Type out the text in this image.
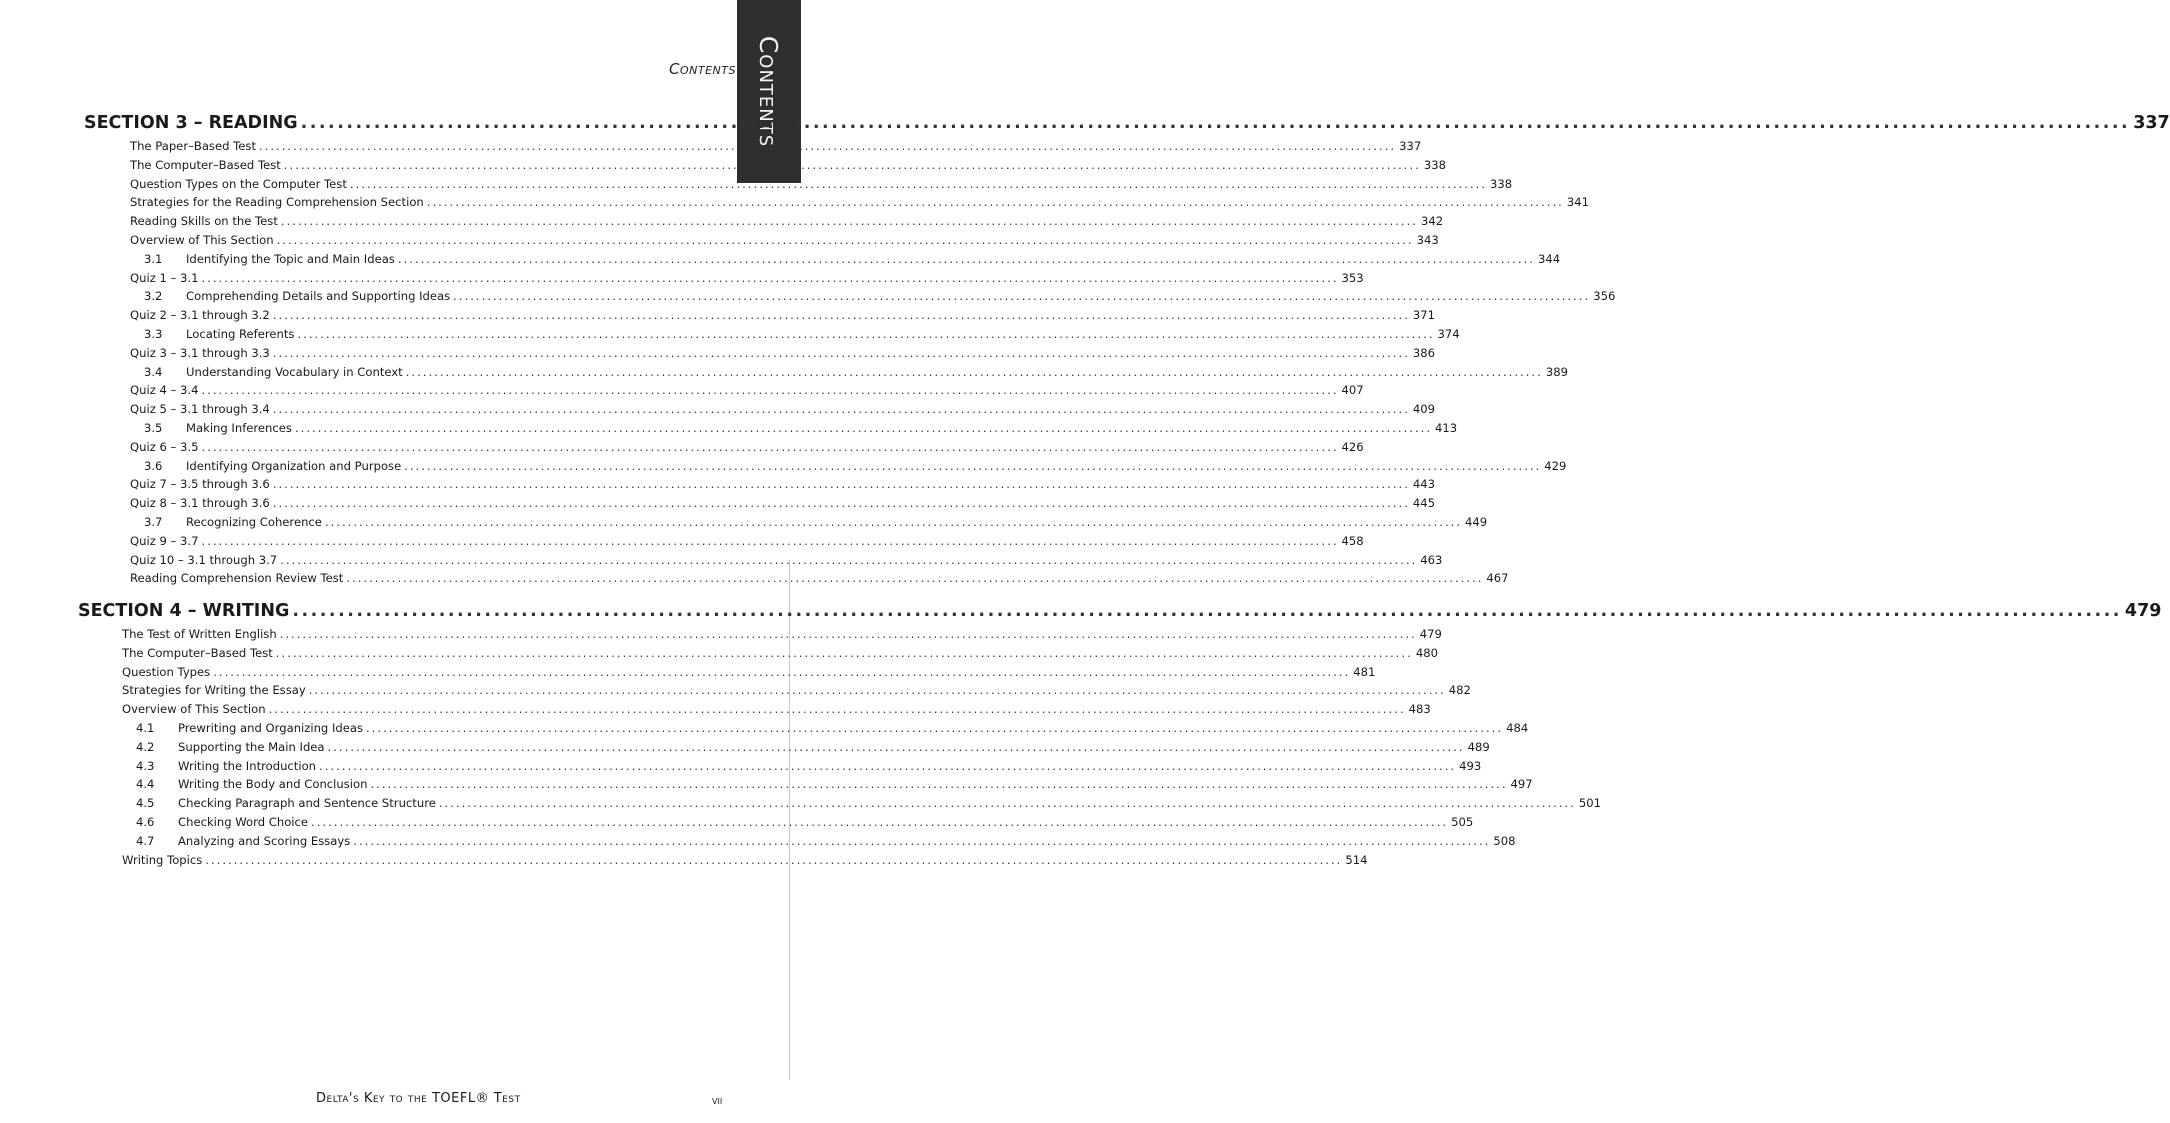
Contents
Contents
SECTION 3 – READING ........................................................................................................................................................................................................ 337
The Paper–Based Test ........................................................................................................................................................................................................ 337
The Computer–Based Test ........................................................................................................................................................................................................ 338
Question Types on the Computer Test ........................................................................................................................................................................................................ 338
Strategies for the Reading Comprehension Section ........................................................................................................................................................................................................ 341
Reading Skills on the Test ........................................................................................................................................................................................................ 342
Overview of This Section ........................................................................................................................................................................................................ 343
3.1 Identifying the Topic and Main Ideas ........................................................................................................................................................................................................ 344
Quiz 1 – 3.1 ........................................................................................................................................................................................................ 353
3.2 Comprehending Details and Supporting Ideas ........................................................................................................................................................................................................ 356
Quiz 2 – 3.1 through 3.2 ........................................................................................................................................................................................................ 371
3.3 Locating Referents ........................................................................................................................................................................................................ 374
Quiz 3 – 3.1 through 3.3 ........................................................................................................................................................................................................ 386
3.4 Understanding Vocabulary in Context ........................................................................................................................................................................................................ 389
Quiz 4 – 3.4 ........................................................................................................................................................................................................ 407
Quiz 5 – 3.1 through 3.4 ........................................................................................................................................................................................................ 409
3.5 Making Inferences ........................................................................................................................................................................................................ 413
Quiz 6 – 3.5 ........................................................................................................................................................................................................ 426
3.6 Identifying Organization and Purpose ........................................................................................................................................................................................................ 429
Quiz 7 – 3.5 through 3.6 ........................................................................................................................................................................................................ 443
Quiz 8 – 3.1 through 3.6 ........................................................................................................................................................................................................ 445
3.7 Recognizing Coherence ........................................................................................................................................................................................................ 449
Quiz 9 – 3.7 ........................................................................................................................................................................................................ 458
Quiz 10 – 3.1 through 3.7 ........................................................................................................................................................................................................ 463
Reading Comprehension Review Test ........................................................................................................................................................................................................ 467
SECTION 4 – WRITING ........................................................................................................................................................................................................ 479
The Test of Written English ........................................................................................................................................................................................................ 479
The Computer–Based Test ........................................................................................................................................................................................................ 480
Question Types ........................................................................................................................................................................................................ 481
Strategies for Writing the Essay ........................................................................................................................................................................................................ 482
Overview of This Section ........................................................................................................................................................................................................ 483
4.1 Prewriting and Organizing Ideas ........................................................................................................................................................................................................ 484
4.2 Supporting the Main Idea ........................................................................................................................................................................................................ 489
4.3 Writing the Introduction ........................................................................................................................................................................................................ 493
4.4 Writing the Body and Conclusion ........................................................................................................................................................................................................ 497
4.5 Checking Paragraph and Sentence Structure ........................................................................................................................................................................................................ 501
4.6 Checking Word Choice ........................................................................................................................................................................................................ 505
4.7 Analyzing and Scoring Essays ........................................................................................................................................................................................................ 508
Writing Topics ........................................................................................................................................................................................................ 514
Delta's Key to the TOEFL® Test	vii
